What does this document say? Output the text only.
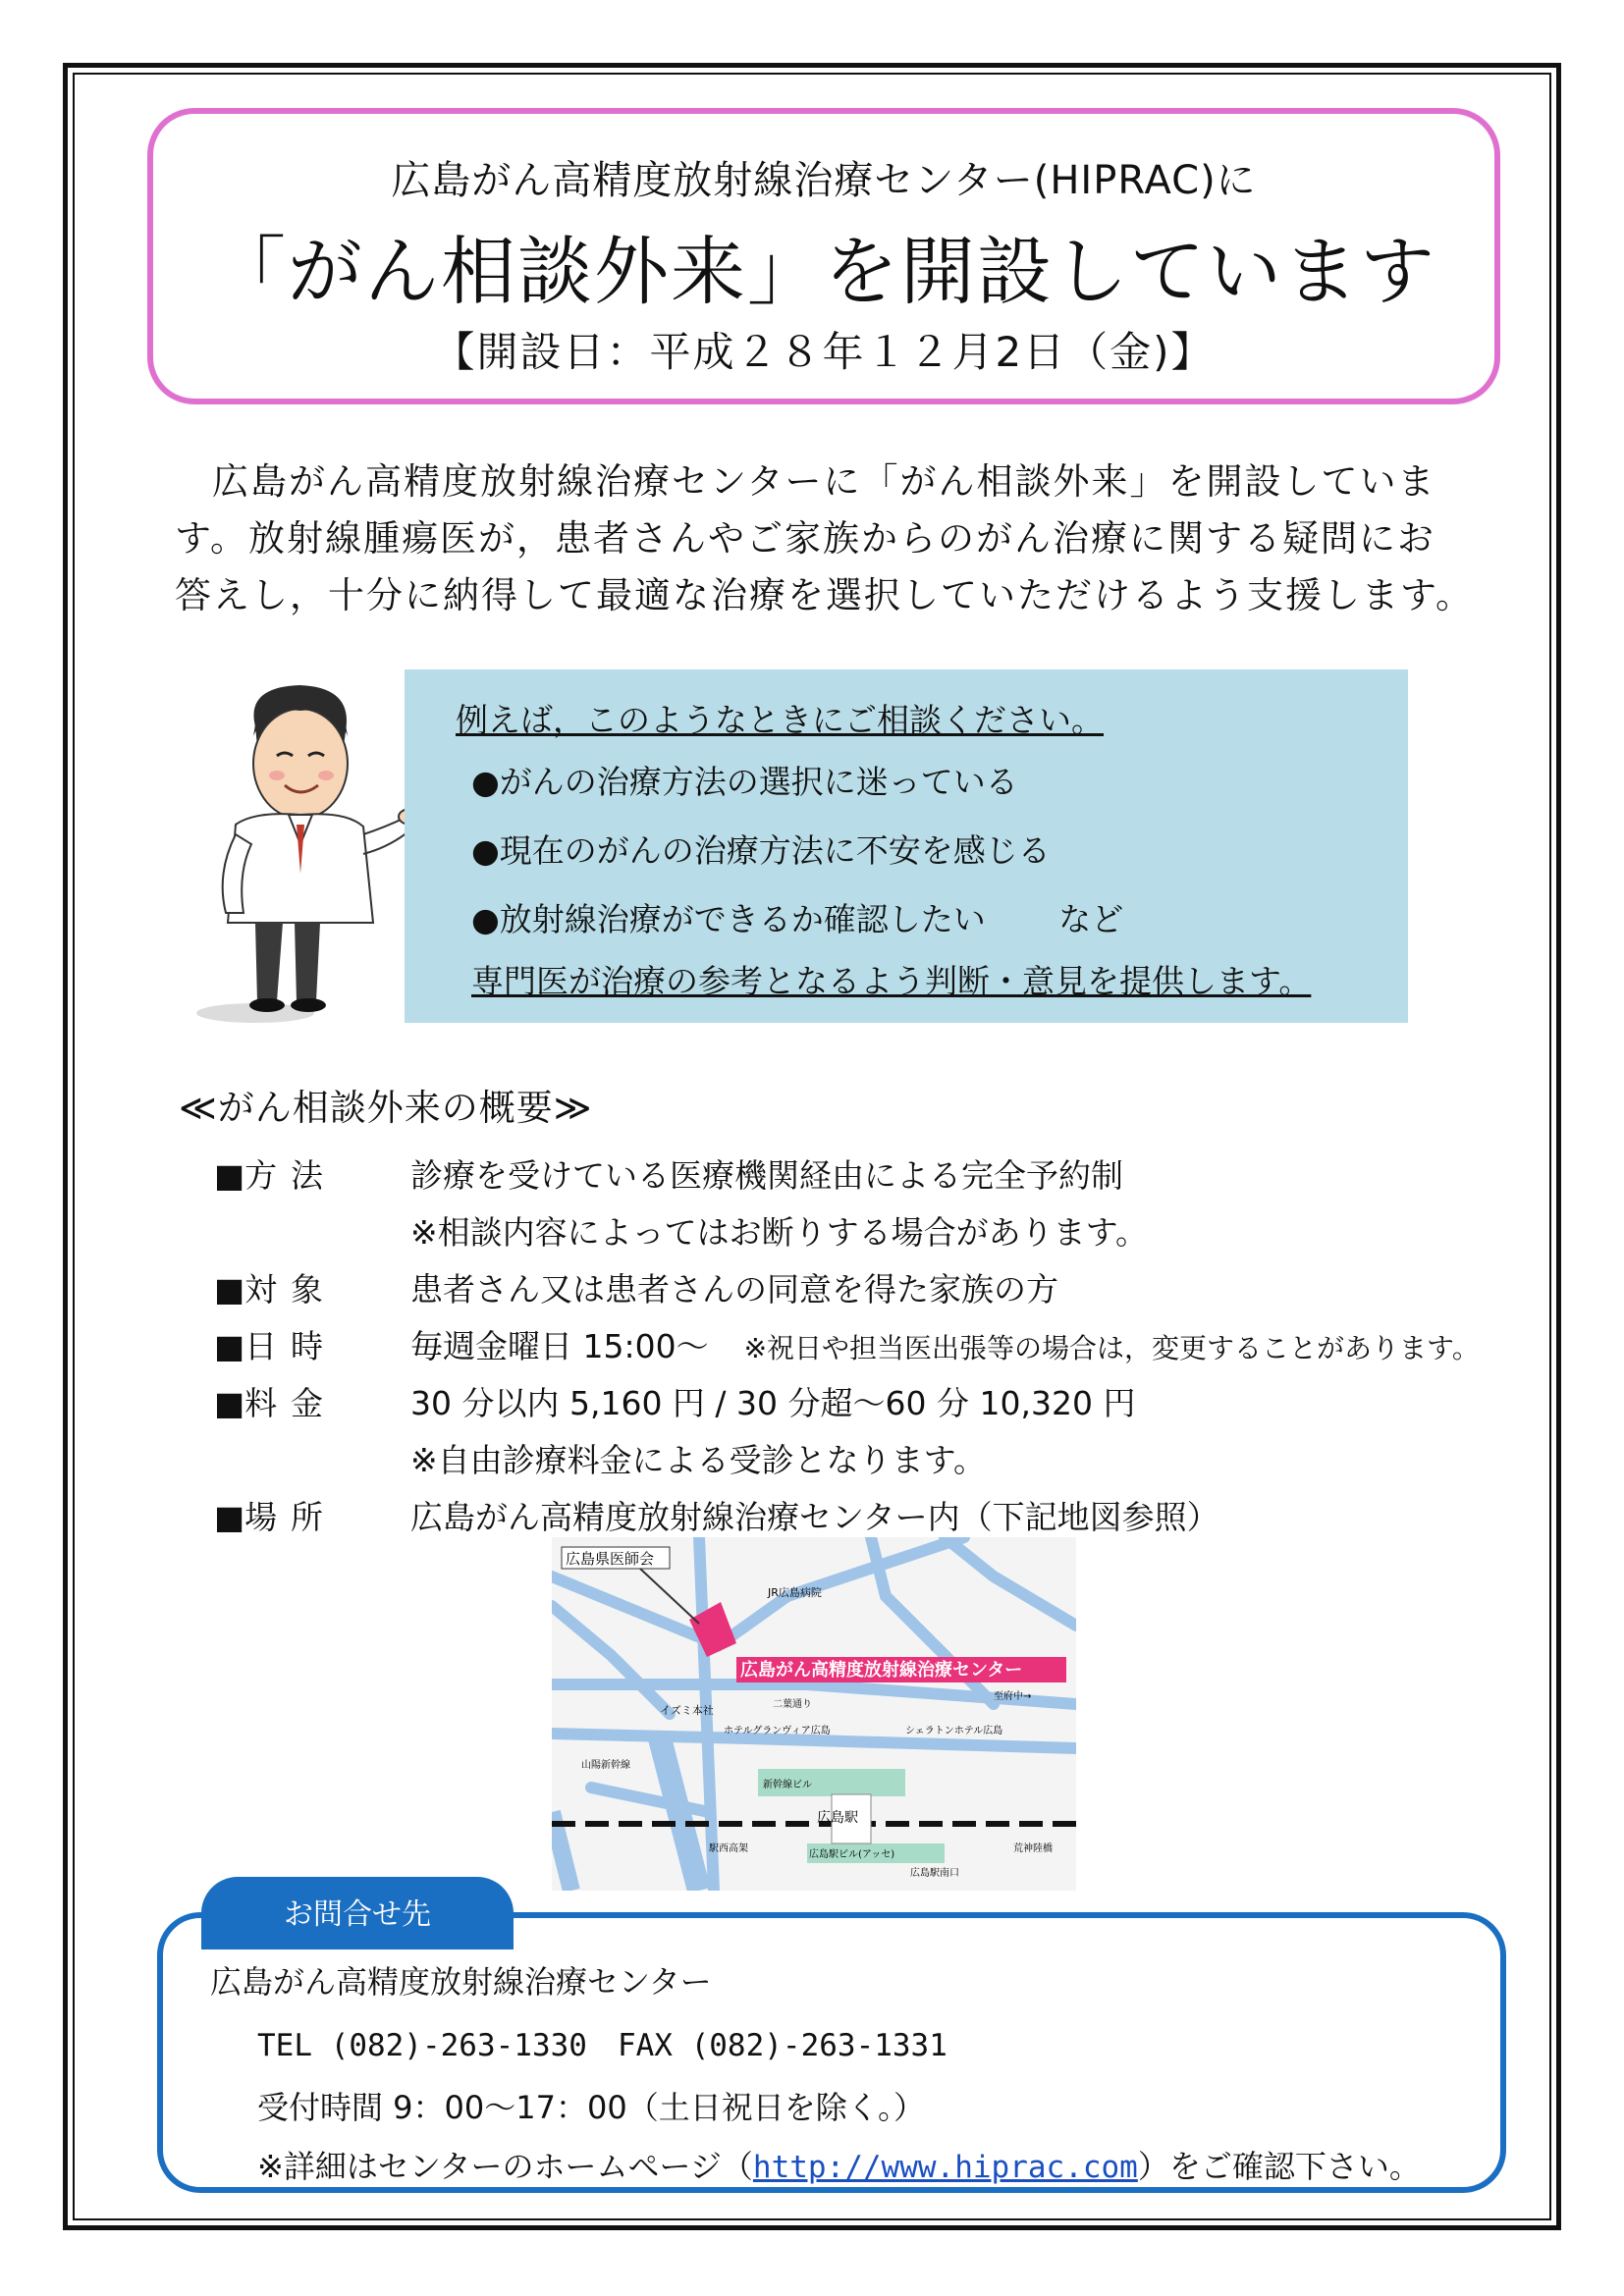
広島がん高精度放射線治療センター(HIPRAC)に
「がん相談外来」を開設しています
【開設日：平成２８年１２月2日（金)】
広島がん高精度放射線治療センターに「がん相談外来」を開設していま
す。放射線腫瘍医が，患者さんやご家族からのがん治療に関する疑問にお
答えし，十分に納得して最適な治療を選択していただけるよう支援します。
例えば，このようなときにご相談ください。
●がんの治療方法の選択に迷っている
●現在のがんの治療方法に不安を感じる
●放射線治療ができるか確認したい など
専門医が治療の参考となるよう判断・意見を提供します。
≪がん相談外来の概要≫
■方 法	診療を受けている医療機関経由による完全予約制
※相談内容によってはお断りする場合があります。
■対 象	患者さん又は患者さんの同意を得た家族の方
■日 時	毎週金曜日 15:00～ ※祝日や担当医出張等の場合は，変更することがあります。
■料 金	30 分以内 5,160 円 / 30 分超～60 分 10,320 円
※自由診療料金による受診となります。
■場 所	広島がん高精度放射線治療センター内（下記地図参照）
広島県医師会
広島がん高精度放射線治療センター
広島駅
JR広島病院
イズミ本社
ホテルグランヴィア広島	シェラトンホテル広島
新幹線ビル
広島駅ビル(アッセ)
二葉通り
駅西高架
至府中→
山陽新幹線
荒神陸橋
広島駅南口
広島がん高精度放射線治療センター
TEL (082)-263-1330　FAX (082)-263-1331
受付時間 9：00～17：00（土日祝日を除く。）
※詳細はセンターのホームページ（http://www.hiprac.com）をご確認下さい。
お問合せ先
